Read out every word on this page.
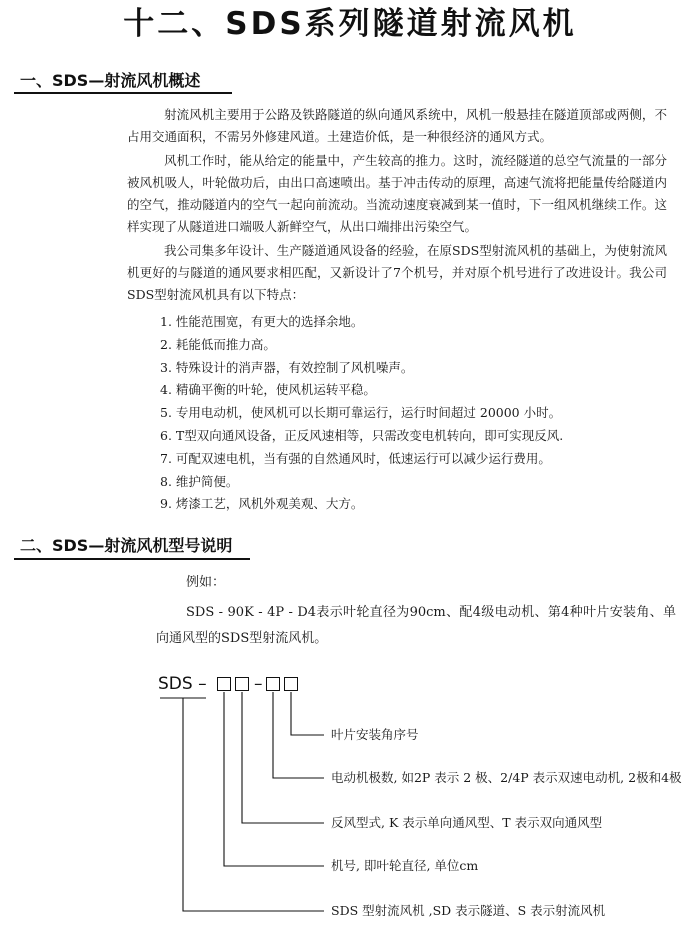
十二、SDS系列隧道射流风机
一、SDS—射流风机概述

射流风机主要用于公路及铁路隧道的纵向通风系统中，风机一般悬挂在隧道顶部或两侧，不占用交通面积，不需另外修建风道。土建造价低，是一种很经济的通风方式。

风机工作时，能从给定的能量中，产生较高的推力。这时，流经隧道的总空气流量的一部分被风机吸人，叶轮做功后，由出口高速喷出。基于冲击传动的原理，高速气流将把能量传给隧道内的空气，推动隧道内的空气一起向前流动。当流动速度衰减到某一值时，下一组风机继续工作。这样实现了从隧道进口端吸人新鲜空气，从出口端排出污染空气。

我公司集多年设计、生产隧道通风设备的经验，在原SDS型射流风机的基础上，为使射流风机更好的与隧道的通风要求相匹配，又新设计了7个机号，并对原个机号进行了改进设计。我公司SDS型射流风机具有以下特点：

1. 性能范围宽，有更大的选择余地。
2. 耗能低而推力高。
3. 特殊设计的消声器，有效控制了风机噪声。
4. 精确平衡的叶轮，使风机运转平稳。
5. 专用电动机，使风机可以长期可靠运行，运行时间超过 20000 小时。
6. T型双向通风设备，正反风速相等，只需改变电机转向，即可实现反风.
7. 可配双速电机，当有强的自然通风时，低速运行可以减少运行费用。
8. 维护简便。
9. 烤漆工艺，风机外观美观、大方。
二、SDS—射流风机型号说明
例如：
SDS - 90K - 4P - D4表示叶轮直径为90cm、配4级电动机、第4种叶片安装角、单向通风型的SDS型射流风机。
SDS –	–
叶片安装角序号
电动机极数, 如2P 表示 2 极、2/4P 表示双速电动机, 2极和4极
反风型式, K 表示单向通风型、T 表示双向通风型
机号, 即叶轮直径, 单位cm
SDS 型射流风机 ,SD 表示隧道、S 表示射流风机
